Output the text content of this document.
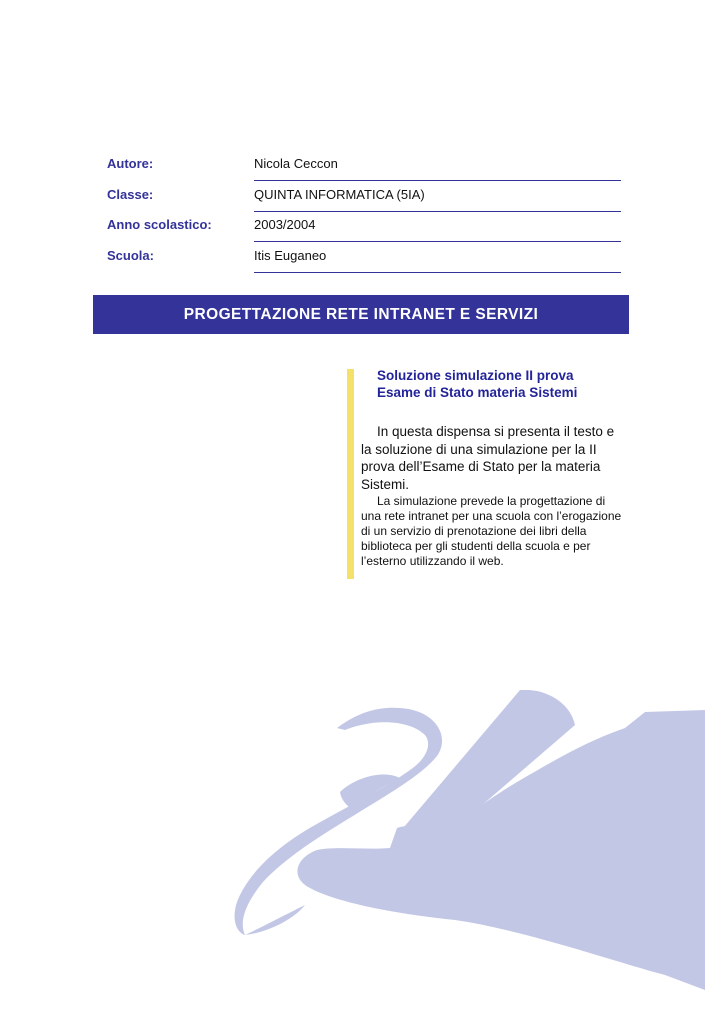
Autore:	Nicola Ceccon
Classe:	QUINTA INFORMATICA (5IA)
Anno scolastico:	2003/2004
Scuola:	Itis Euganeo
PROGETTAZIONE RETE INTRANET E SERVIZI
Soluzione simulazione II prova
Esame di Stato materia Sistemi

In questa dispensa si presenta il testo e la soluzione di una simulazione per la II prova dell’Esame di Stato per la materia Sistemi.

La simulazione prevede la progettazione di una rete intranet per una scuola con l’erogazione di un servizio di prenotazione dei libri della biblioteca per gli studenti della scuola e per l’esterno utilizzando il web.
